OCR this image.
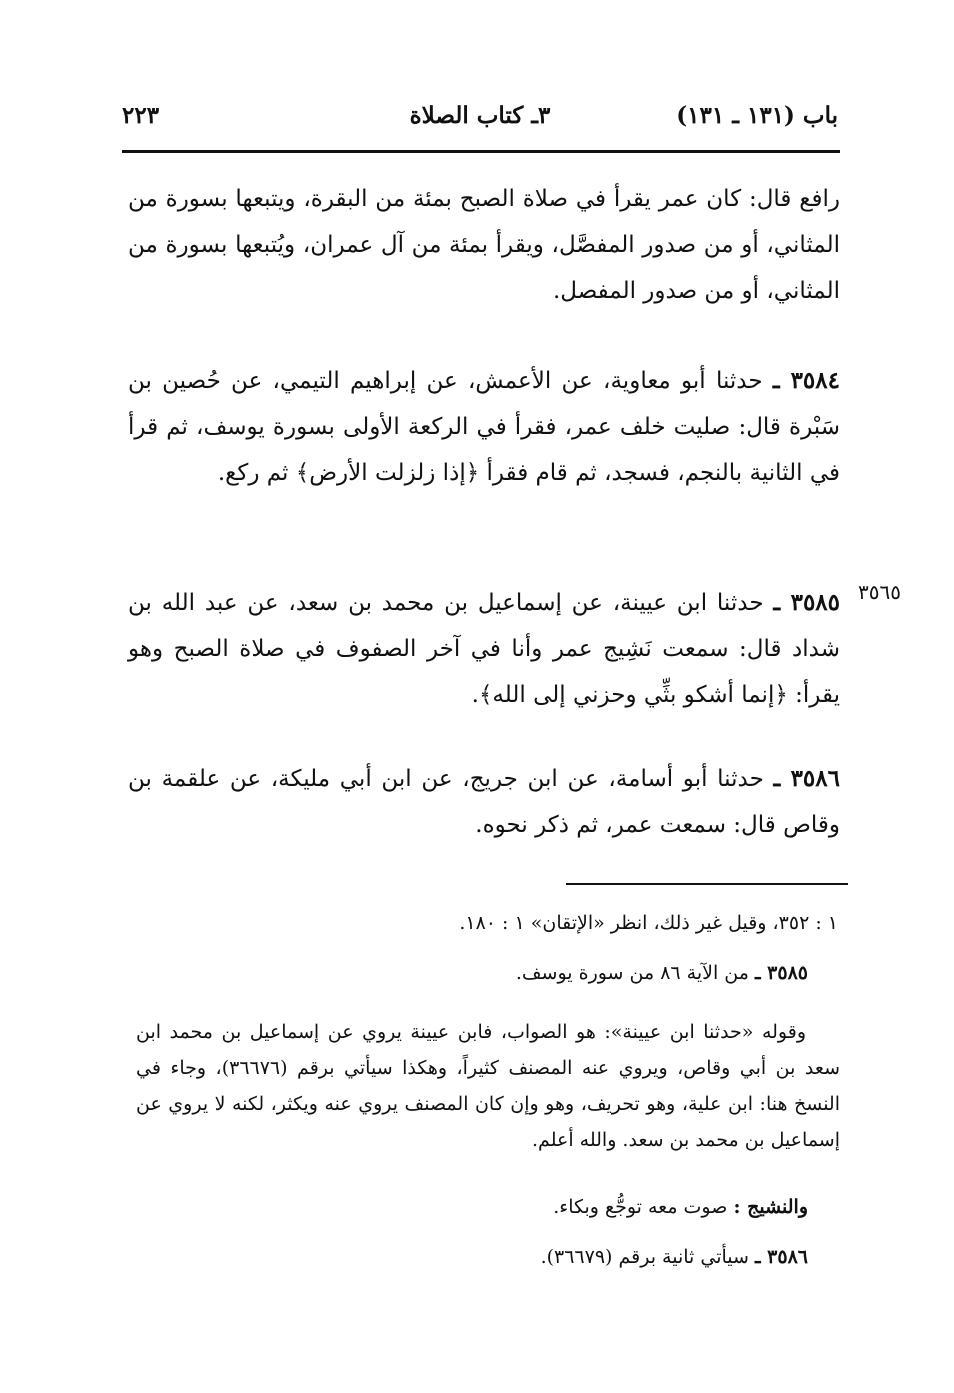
باب (١٣١ ـ ١٣١)
٣ـ كتاب الصلاة
٢٢٣

رافع قال: كان عمر يقرأ في صلاة الصبح بمئة من البقرة، ويتبعها بسورة من المثاني، أو من صدور المفصَّل، ويقرأ بمئة من آل عمران، ويُتبعها بسورة من المثاني، أو من صدور المفصل.

٣٥٨٤ ـ حدثنا أبو معاوية، عن الأعمش، عن إبراهيم التيمي، عن حُصين بن سَبْرة قال: صليت خلف عمر، فقرأ في الركعة الأولى بسورة يوسف، ثم قرأ في الثانية بالنجم، فسجد، ثم قام فقرأ ﴿إذا زلزلت الأرض﴾ ثم ركع.

٣٥٦٥

٣٥٨٥ ـ حدثنا ابن عيينة، عن إسماعيل بن محمد بن سعد، عن عبد الله بن شداد قال: سمعت نَشِيج عمر وأنا في آخر الصفوف في صلاة الصبح وهو يقرأ: ﴿إنما أشكو بثِّي وحزني إلى الله﴾.

٣٥٨٦ ـ حدثنا أبو أسامة، عن ابن جريج، عن ابن أبي مليكة، عن علقمة بن وقاص قال: سمعت عمر، ثم ذكر نحوه.

١ : ٣٥٢، وقيل غير ذلك، انظر «الإتقان» ١ : ١٨٠.
٣٥٨٥ ـ من الآية ٨٦ من سورة يوسف.

وقوله «حدثنا ابن عيينة»: هو الصواب، فابن عيينة يروي عن إسماعيل بن محمد ابن سعد بن أبي وقاص، ويروي عنه المصنف كثيراً، وهكذا سيأتي برقم (٣٦٦٧٦)، وجاء في النسخ هنا: ابن علية، وهو تحريف، وهو وإن كان المصنف يروي عنه ويكثر، لكنه لا يروي عن إسماعيل بن محمد بن سعد. والله أعلم.

والنشيج : صوت معه توجُّع وبكاء.
٣٥٨٦ ـ سيأتي ثانية برقم (٣٦٦٧٩).
